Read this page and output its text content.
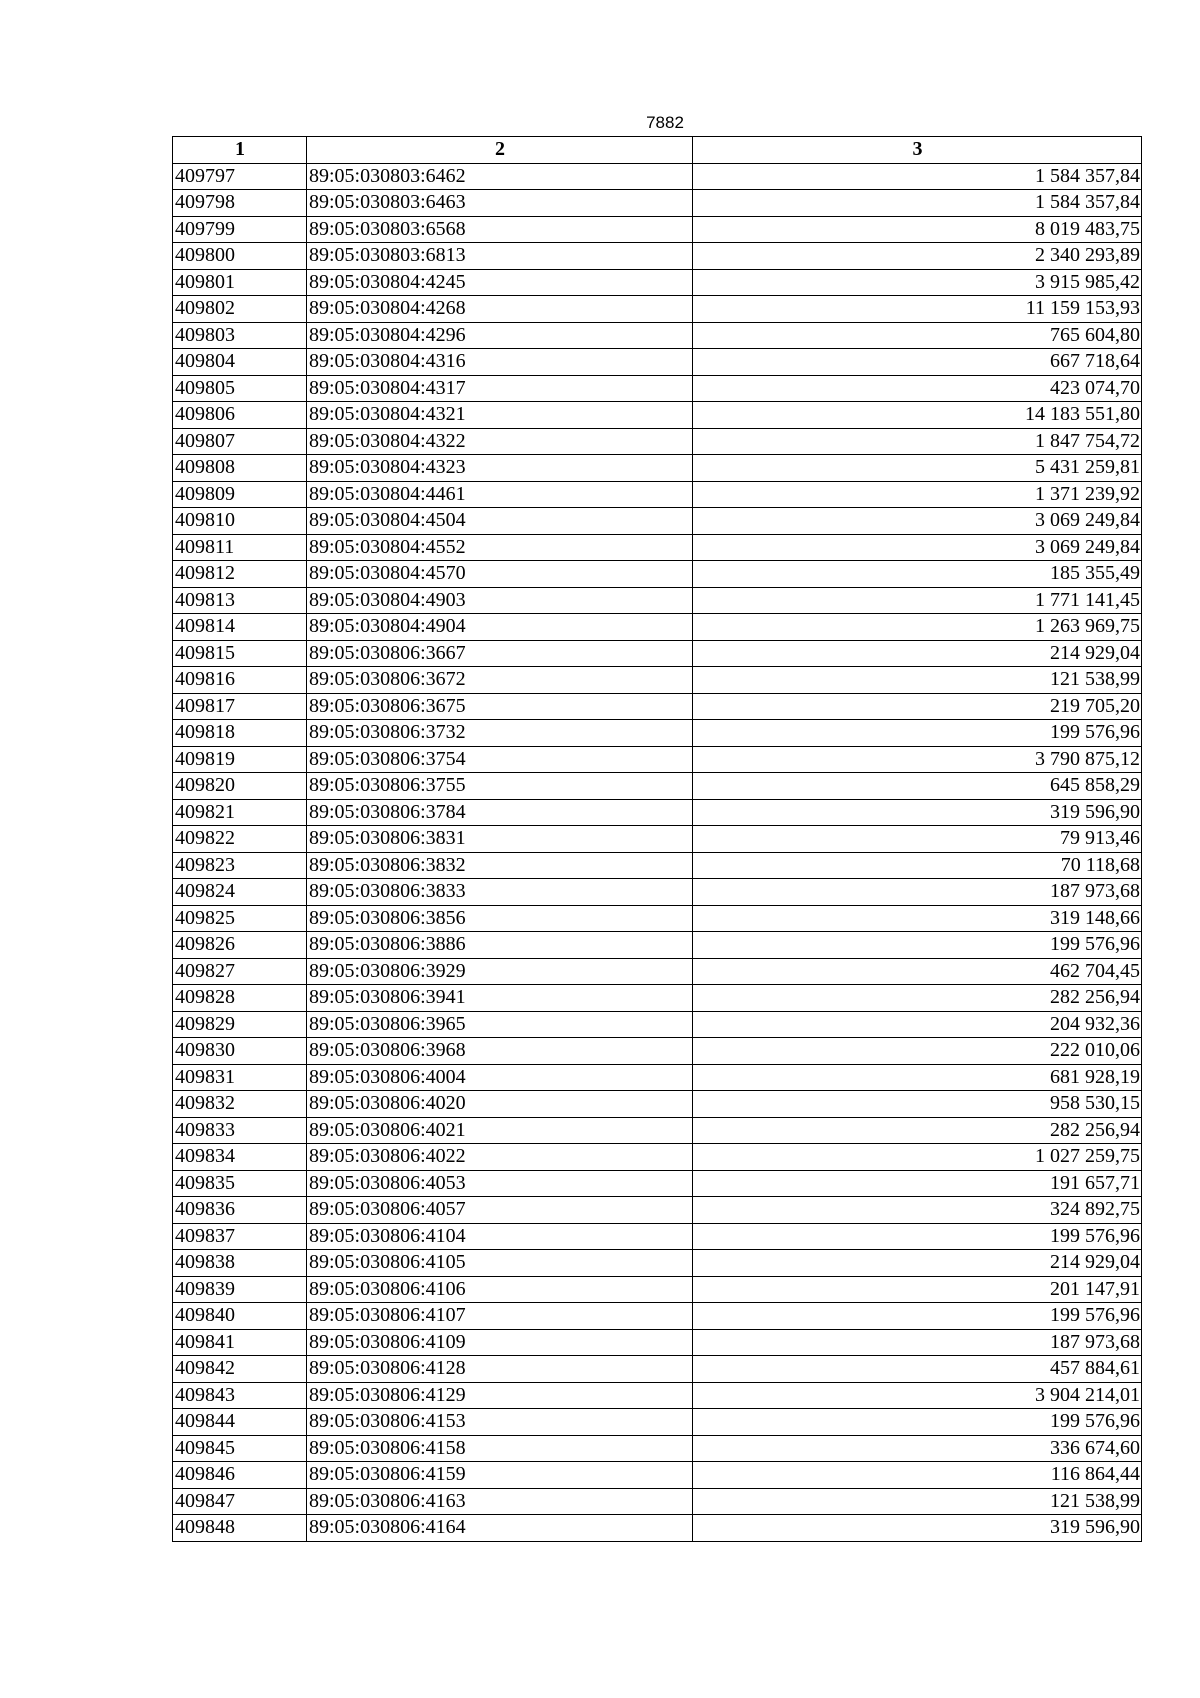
7882
1	2	3
409797	89:05:030803:6462	1 584 357,84
409798	89:05:030803:6463	1 584 357,84
409799	89:05:030803:6568	8 019 483,75
409800	89:05:030803:6813	2 340 293,89
409801	89:05:030804:4245	3 915 985,42
409802	89:05:030804:4268	11 159 153,93
409803	89:05:030804:4296	765 604,80
409804	89:05:030804:4316	667 718,64
409805	89:05:030804:4317	423 074,70
409806	89:05:030804:4321	14 183 551,80
409807	89:05:030804:4322	1 847 754,72
409808	89:05:030804:4323	5 431 259,81
409809	89:05:030804:4461	1 371 239,92
409810	89:05:030804:4504	3 069 249,84
409811	89:05:030804:4552	3 069 249,84
409812	89:05:030804:4570	185 355,49
409813	89:05:030804:4903	1 771 141,45
409814	89:05:030804:4904	1 263 969,75
409815	89:05:030806:3667	214 929,04
409816	89:05:030806:3672	121 538,99
409817	89:05:030806:3675	219 705,20
409818	89:05:030806:3732	199 576,96
409819	89:05:030806:3754	3 790 875,12
409820	89:05:030806:3755	645 858,29
409821	89:05:030806:3784	319 596,90
409822	89:05:030806:3831	79 913,46
409823	89:05:030806:3832	70 118,68
409824	89:05:030806:3833	187 973,68
409825	89:05:030806:3856	319 148,66
409826	89:05:030806:3886	199 576,96
409827	89:05:030806:3929	462 704,45
409828	89:05:030806:3941	282 256,94
409829	89:05:030806:3965	204 932,36
409830	89:05:030806:3968	222 010,06
409831	89:05:030806:4004	681 928,19
409832	89:05:030806:4020	958 530,15
409833	89:05:030806:4021	282 256,94
409834	89:05:030806:4022	1 027 259,75
409835	89:05:030806:4053	191 657,71
409836	89:05:030806:4057	324 892,75
409837	89:05:030806:4104	199 576,96
409838	89:05:030806:4105	214 929,04
409839	89:05:030806:4106	201 147,91
409840	89:05:030806:4107	199 576,96
409841	89:05:030806:4109	187 973,68
409842	89:05:030806:4128	457 884,61
409843	89:05:030806:4129	3 904 214,01
409844	89:05:030806:4153	199 576,96
409845	89:05:030806:4158	336 674,60
409846	89:05:030806:4159	116 864,44
409847	89:05:030806:4163	121 538,99
409848	89:05:030806:4164	319 596,90
